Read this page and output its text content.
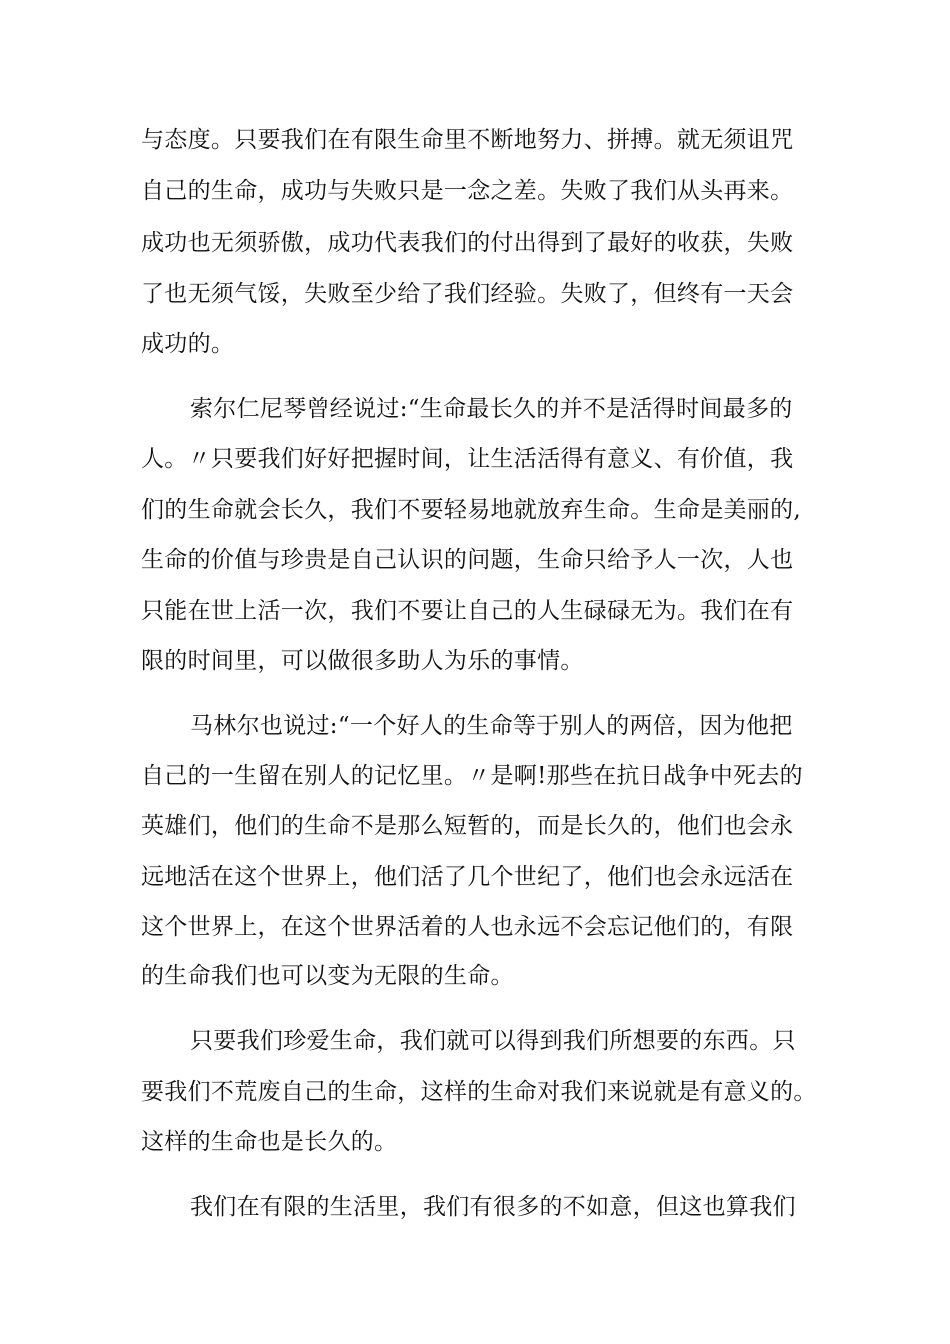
与态度。只要我们在有限生命里不断地努力、拼搏。就无须诅咒
自己的生命，成功与失败只是一念之差。失败了我们从头再来。
成功也无须骄傲，成功代表我们的付出得到了最好的收获，失败
了也无须气馁，失败至少给了我们经验。失败了，但终有一天会
成功的。
索尔仁尼琴曾经说过:“生命最长久的并不是活得时间最多的
人。〃只要我们好好把握时间，让生活活得有意义、有价值，我
们的生命就会长久，我们不要轻易地就放弃生命。生命是美丽的,
生命的价值与珍贵是自己认识的问题，生命只给予人一次，人也
只能在世上活一次，我们不要让自己的人生碌碌无为。我们在有
限的时间里，可以做很多助人为乐的事情。
马林尔也说过:“一个好人的生命等于别人的两倍，因为他把
自己的一生留在别人的记忆里。〃是啊!那些在抗日战争中死去的
英雄们，他们的生命不是那么短暂的，而是长久的，他们也会永
远地活在这个世界上，他们活了几个世纪了，他们也会永远活在
这个世界上，在这个世界活着的人也永远不会忘记他们的，有限
的生命我们也可以变为无限的生命。
只要我们珍爱生命，我们就可以得到我们所想要的东西。只
要我们不荒废自己的生命，这样的生命对我们来说就是有意义的。
这样的生命也是长久的。
我们在有限的生活里，我们有很多的不如意，但这也算我们
